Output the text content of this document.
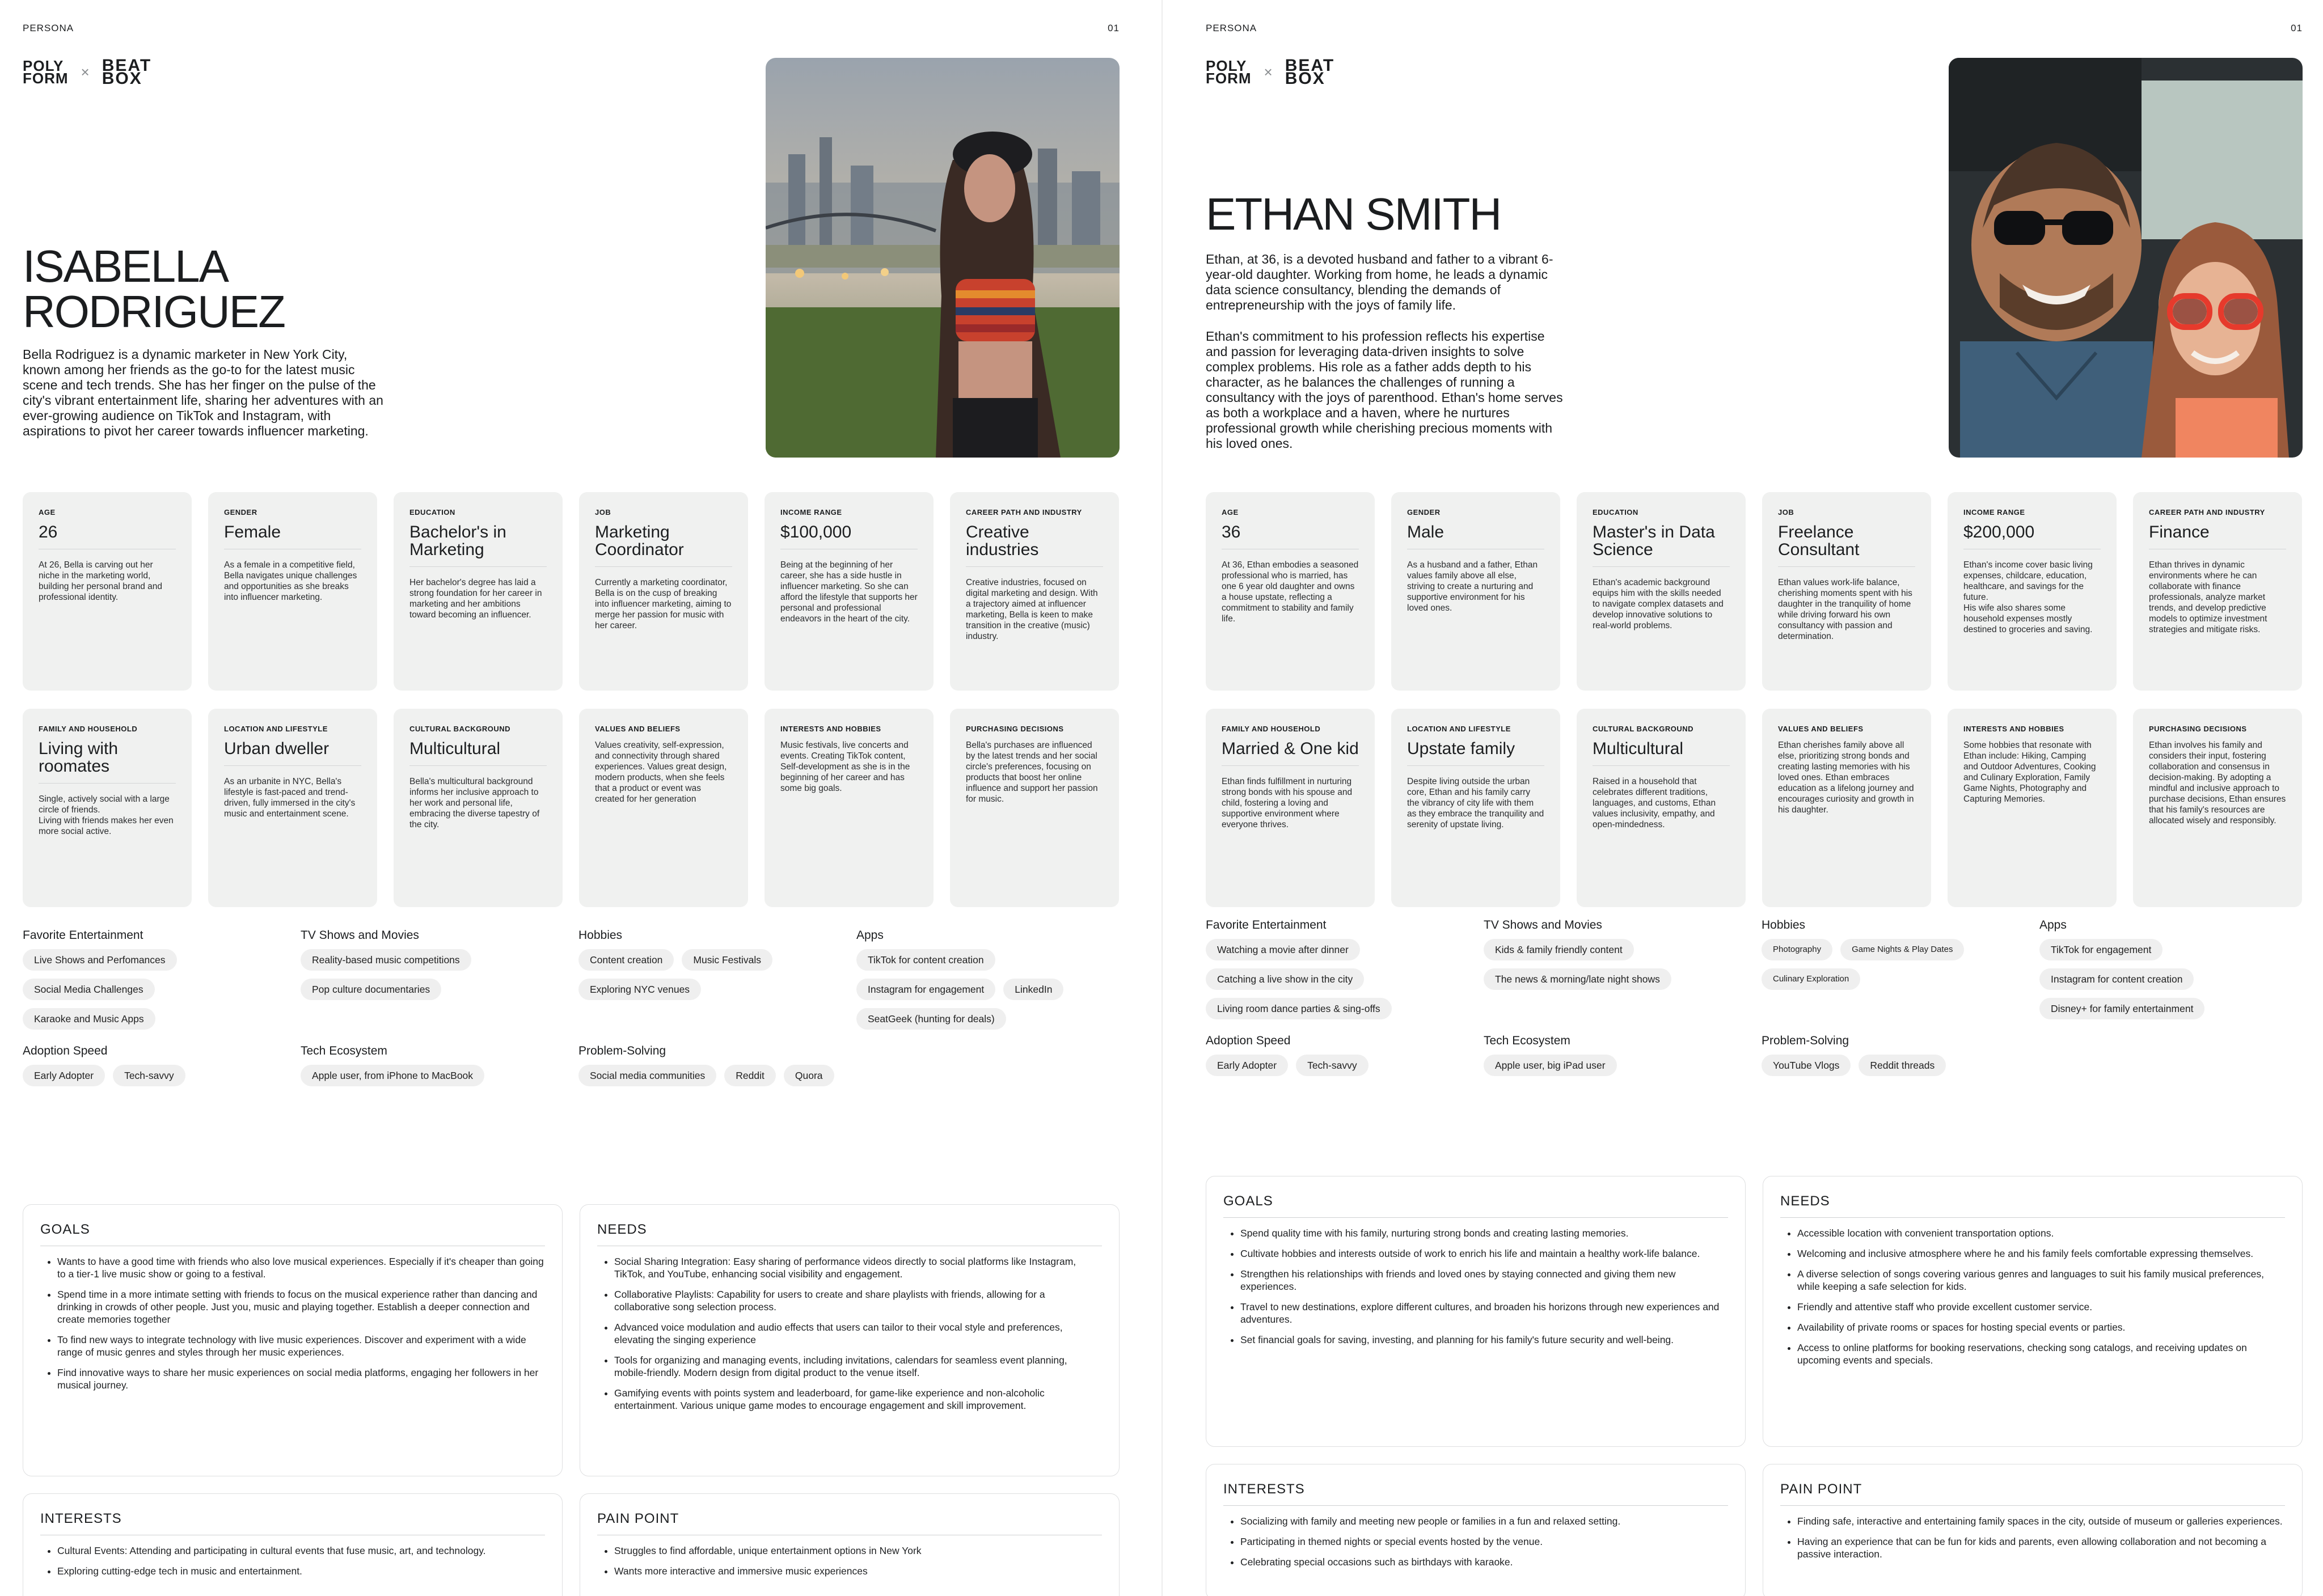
PERSONA	01
POLY
FORM × BEAT
BOX
ISABELLA
RODRIGUEZ

Bella Rodriguez is a dynamic marketer in New York City, known among her friends as the go-to for the latest music scene and tech trends. She has her finger on the pulse of the city's vibrant entertainment life, sharing her adventures with an ever-growing audience on TikTok and Instagram, with aspirations to pivot her career towards influencer marketing.

AGE
26
At 26, Bella is carving out her niche in the marketing world, building her personal brand and professional identity.
GENDER
Female
As a female in a competitive field, Bella navigates unique challenges and opportunities as she breaks into influencer marketing.
EDUCATION
Bachelor's in Marketing
Her bachelor's degree has laid a strong foundation for her career in marketing and her ambitions toward becoming an influencer.
JOB
Marketing Coordinator
Currently a marketing coordinator, Bella is on the cusp of breaking into influencer marketing, aiming to merge her passion for music with her career.
INCOME RANGE
$100,000
Being at the beginning of her career, she has a side hustle in influencer marketing. So she can afford the lifestyle that supports her personal and professional endeavors in the heart of the city.
CAREER PATH AND INDUSTRY
Creative industries
Creative industries, focused on digital marketing and design. With a trajectory aimed at influencer marketing, Bella is keen to make transition in the creative (music) industry.
FAMILY AND HOUSEHOLD
Living with roomates
Single, actively social with a large circle of friends.
Living with friends makes her even more social active.
LOCATION AND LIFESTYLE
Urban dweller
As an urbanite in NYC, Bella's lifestyle is fast-paced and trend-driven, fully immersed in the city's music and entertainment scene.
CULTURAL BACKGROUND
Multicultural
Bella's multicultural background informs her inclusive approach to her work and personal life, embracing the diverse tapestry of the city.
VALUES AND BELIEFS
Values creativity, self-expression, and connectivity through shared experiences. Values great design, modern products, when she feels that a product or event was created for her generation
INTERESTS AND HOBBIES
Music festivals, live concerts and events. Creating TikTok content, Self-development as she is in the beginning of her career and has some big goals.
PURCHASING DECISIONS
Bella's purchases are influenced by the latest trends and her social circle's preferences, focusing on products that boost her online influence and support her passion for music.
Favorite Entertainment
Live Shows and Perfomances
Social Media Challenges
Karaoke and Music Apps
TV Shows and Movies
Reality-based music competitions
Pop culture documentaries
Hobbies
Content creation	Music Festivals
Exploring NYC venues
Apps
TikTok for content creation
Instagram for engagement	LinkedIn
SeatGeek (hunting for deals)
Adoption Speed
Early Adopter	Tech-savvy
Tech Ecosystem
Apple user, from iPhone to MacBook
Problem-Solving
Social media communities	Reddit	Quora
GOALS
• Wants to have a good time with friends who also love musical experiences. Especially if it's cheaper than going to a tier-1 live music show or going to a festival.
• Spend time in a more intimate setting with friends to focus on the musical experience rather than dancing and drinking in crowds of other people. Just you, music and playing together. Establish a deeper connection and create memories together
• To find new ways to integrate technology with live music experiences. Discover and experiment with a wide range of music genres and styles through her music experiences.
• Find innovative ways to share her music experiences on social media platforms, engaging her followers in her musical journey.
NEEDS
• Social Sharing Integration: Easy sharing of performance videos directly to social platforms like Instagram, TikTok, and YouTube, enhancing social visibility and engagement.
• Collaborative Playlists: Capability for users to create and share playlists with friends, allowing for a collaborative song selection process.
• Advanced voice modulation and audio effects that users can tailor to their vocal style and preferences, elevating the singing experience
• Tools for organizing and managing events, including invitations, calendars for seamless event planning, mobile-friendly. Modern design from digital product to the venue itself.
• Gamifying events with points system and leaderboard, for game-like experience and non-alcoholic entertainment. Various unique game modes to encourage engagement and skill improvement.
INTERESTS
• Cultural Events: Attending and participating in cultural events that fuse music, art, and technology.
• Exploring cutting-edge tech in music and entertainment.
PAIN POINT
• Struggles to find affordable, unique entertainment options in New York
• Wants more interactive and immersive music experiences
PERSONA	01
POLY
FORM × BEAT
BOX
ETHAN SMITH

Ethan, at 36, is a devoted husband and father to a vibrant 6-year-old daughter. Working from home, he leads a dynamic data science consultancy, blending the demands of entrepreneurship with the joys of family life.

Ethan's commitment to his profession reflects his expertise and passion for leveraging data-driven insights to solve complex problems. His role as a father adds depth to his character, as he balances the challenges of running a consultancy with the joys of parenthood. Ethan's home serves as both a workplace and a haven, where he nurtures professional growth while cherishing precious moments with his loved ones.

AGE
36
At 36, Ethan embodies a seasoned professional who is married, has one 6 year old daughter and owns a house upstate, reflecting a commitment to stability and family life.
GENDER
Male
As a husband and a father, Ethan values family above all else, striving to create a nurturing and supportive environment for his loved ones.
EDUCATION
Master's in Data Science
Ethan's academic background equips him with the skills needed to navigate complex datasets and develop innovative solutions to real-world problems.
JOB
Freelance Consultant
Ethan values work-life balance, cherishing moments spent with his daughter in the tranquility of home while driving forward his own consultancy with passion and determination.
INCOME RANGE
$200,000
Ethan's income cover basic living expenses, childcare, education, healthcare, and savings for the future.
His wife also shares some household expenses mostly destined to groceries and saving.
CAREER PATH AND INDUSTRY
Finance
Ethan thrives in dynamic environments where he can collaborate with finance professionals, analyze market trends, and develop predictive models to optimize investment strategies and mitigate risks.
FAMILY AND HOUSEHOLD
Married & One kid
Ethan finds fulfillment in nurturing strong bonds with his spouse and child, fostering a loving and supportive environment where everyone thrives.
LOCATION AND LIFESTYLE
Upstate family
Despite living outside the urban core, Ethan and his family carry the vibrancy of city life with them as they embrace the tranquility and serenity of upstate living.
CULTURAL BACKGROUND
Multicultural
Raised in a household that celebrates different traditions, languages, and customs, Ethan values inclusivity, empathy, and open-mindedness.
VALUES AND BELIEFS
Ethan cherishes family above all else, prioritizing strong bonds and creating lasting memories with his loved ones. Ethan embraces education as a lifelong journey and encourages curiosity and growth in his daughter.
INTERESTS AND HOBBIES
Some hobbies that resonate with Ethan include: Hiking, Camping and Outdoor Adventures, Cooking and Culinary Exploration, Family Game Nights, Photography and Capturing Memories.
PURCHASING DECISIONS
Ethan involves his family and considers their input, fostering collaboration and consensus in decision-making. By adopting a mindful and inclusive approach to purchase decisions, Ethan ensures that his family's resources are allocated wisely and responsibly.
Favorite Entertainment
Watching a movie after dinner
Catching a live show in the city
Living room dance parties & sing-offs
TV Shows and Movies
Kids & family friendly content
The news & morning/late night shows
Hobbies
Photography	Game Nights & Play Dates
Culinary Exploration
Apps
TikTok for engagement
Instagram for content creation
Disney+ for family entertainment
Adoption Speed
Early Adopter	Tech-savvy
Tech Ecosystem
Apple user, big iPad user
Problem-Solving
YouTube Vlogs	Reddit threads
GOALS
• Spend quality time with his family, nurturing strong bonds and creating lasting memories.
• Cultivate hobbies and interests outside of work to enrich his life and maintain a healthy work-life balance.
• Strengthen his relationships with friends and loved ones by staying connected and giving them new experiences.
• Travel to new destinations, explore different cultures, and broaden his horizons through new experiences and adventures.
• Set financial goals for saving, investing, and planning for his family's future security and well-being.
NEEDS
• Accessible location with convenient transportation options.
• Welcoming and inclusive atmosphere where he and his family feels comfortable expressing themselves.
• A diverse selection of songs covering various genres and languages to suit his family musical preferences, while keeping a safe selection for kids.
• Friendly and attentive staff who provide excellent customer service.
• Availability of private rooms or spaces for hosting special events or parties.
• Access to online platforms for booking reservations, checking song catalogs, and receiving updates on upcoming events and specials.
INTERESTS
• Socializing with family and meeting new people or families in a fun and relaxed setting.
• Participating in themed nights or special events hosted by the venue.
• Celebrating special occasions such as birthdays with karaoke.
PAIN POINT
• Finding safe, interactive and entertaining family spaces in the city, outside of museum or galleries experiences.
• Having an experience that can be fun for kids and parents, even allowing collaboration and not becoming a passive interaction.
